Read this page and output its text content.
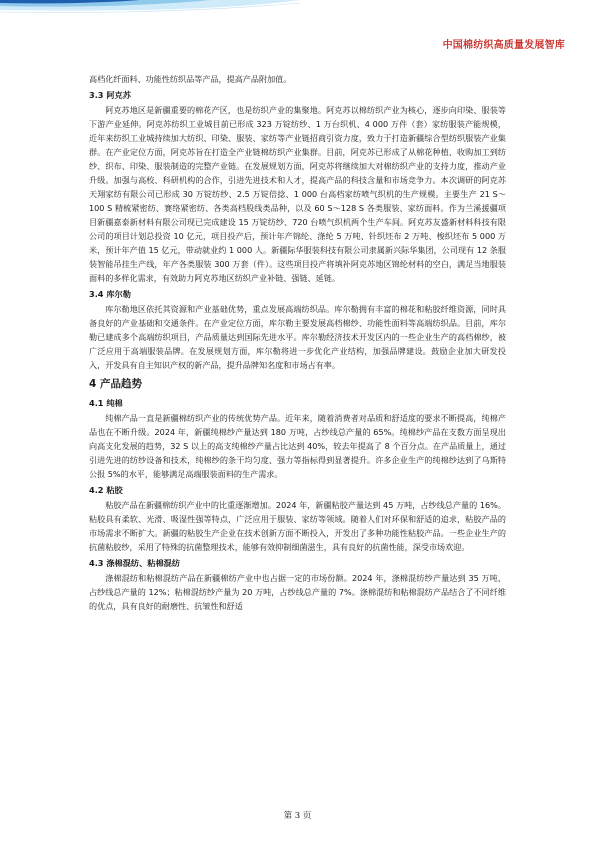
中国棉纺织高质量发展智库

高档化纤面料、功能性纺织品等产品，提高产品附加值。

3.3 阿克苏

阿克苏地区是新疆重要的棉花产区，也是纺织产业的集聚地。阿克苏以棉纺织产业为核心，逐步向印染、服装等下游产业延伸。阿克苏纺织工业城目前已形成 323 万锭纺纱、1 万台织机、4 000 万件（套）家纺服装产能规模，近年来纺织工业城持续加大纺织、印染、服装、家纺等产业链招商引资力度，致力于打造新疆综合型纺织服装产业集群。在产业定位方面，阿克苏旨在打造全产业链棉纺织产业集群。目前，阿克苏已形成了从棉花种植、收购加工到纺纱、织布、印染、服装制造的完整产业链。在发展规划方面，阿克苏将继续加大对棉纺织产业的支持力度，推动产业升级。加强与高校、科研机构的合作，引进先进技术和人才，提高产品的科技含量和市场竞争力。本次调研的阿克苏天翔家纺有限公司已形成 30 万锭纺纱、2.5 万锭倍捻、1 000 台高档家纺喷气织机的生产规模。主要生产 21 S～100 S 精梳紧密纺、赛络紧密纺、各类高档股线类品种，以及 60 S～128 S 各类服装、家纺面料。作为兰溪援疆项目新疆嘉泰新材料有限公司现已完成建设 15 万锭纺纱、720 台喷气织机两个生产车间。阿克苏友盛新材料科技有限公司的项目计划总投资 10 亿元，项目投产后，预计年产锦纶、涤纶 5 万吨、针织坯布 2 万吨、梭织坯布 5 000 万米，预计年产值 15 亿元，带动就业约 1 000 人。新疆际华服装科技有限公司隶属新兴际华集团，公司现有 12 条服装智能吊挂生产线，年产各类服装 300 万套（件）。这些项目投产将填补阿克苏地区锦纶材料的空白，满足当地服装面料的多样化需求，有效助力阿克苏地区纺织产业补链、强链、延链。

3.4 库尔勒

库尔勒地区依托其资源和产业基础优势，重点发展高端纺织品。库尔勒拥有丰富的棉花和粘胶纤维资源，同时具备良好的产业基础和交通条件。在产业定位方面，库尔勒主要发展高档棉纱、功能性面料等高端纺织品。目前，库尔勒已建成多个高端纺织项目，产品质量达到国际先进水平。库尔勒经济技术开发区内的一些企业生产的高档棉纱，被广泛应用于高端服装品牌。在发展规划方面，库尔勒将进一步优化产业结构，加强品牌建设。鼓励企业加大研发投入，开发具有自主知识产权的新产品，提升品牌知名度和市场占有率。

4 产品趋势
4.1 纯棉

纯棉产品一直是新疆棉纺织产业的传统优势产品。近年来，随着消费者对品质和舒适度的要求不断提高，纯棉产品也在不断升级。2024 年，新疆纯棉纱产量达到 180 万吨，占纱线总产量的 65%。纯棉纱产品在支数方面呈现出向高支化发展的趋势，32 S 以上的高支纯棉纱产量占比达到 40%，较去年提高了 8 个百分点。在产品质量上，通过引进先进的纺纱设备和技术，纯棉纱的条干均匀度、强力等指标得到显著提升。许多企业生产的纯棉纱达到了乌斯特公报 5%的水平，能够满足高端服装面料的生产需求。

4.2 粘胶

粘胶产品在新疆棉纺织产业中的比重逐渐增加。2024 年，新疆粘胶产量达到 45 万吨，占纱线总产量的 16%。粘胶具有柔软、光滑、吸湿性强等特点，广泛应用于服装、家纺等领域。随着人们对环保和舒适的追求，粘胶产品的市场需求不断扩大。新疆的粘胶生产企业在技术创新方面不断投入，开发出了多种功能性粘胶产品。一些企业生产的抗菌粘胶纱，采用了特殊的抗菌整理技术，能够有效抑制细菌滋生，具有良好的抗菌性能，深受市场欢迎。

4.3 涤棉混纺、粘棉混纺

涤棉混纺和粘棉混纺产品在新疆棉纺产业中也占据一定的市场份额。2024 年，涤棉混纺纱产量达到 35 万吨，占纱线总产量的 12%；粘棉混纺纱产量为 20 万吨，占纱线总产量的 7%。涤棉混纺和粘棉混纺产品结合了不同纤维的优点，具有良好的耐磨性、抗皱性和舒适

第 3 页
